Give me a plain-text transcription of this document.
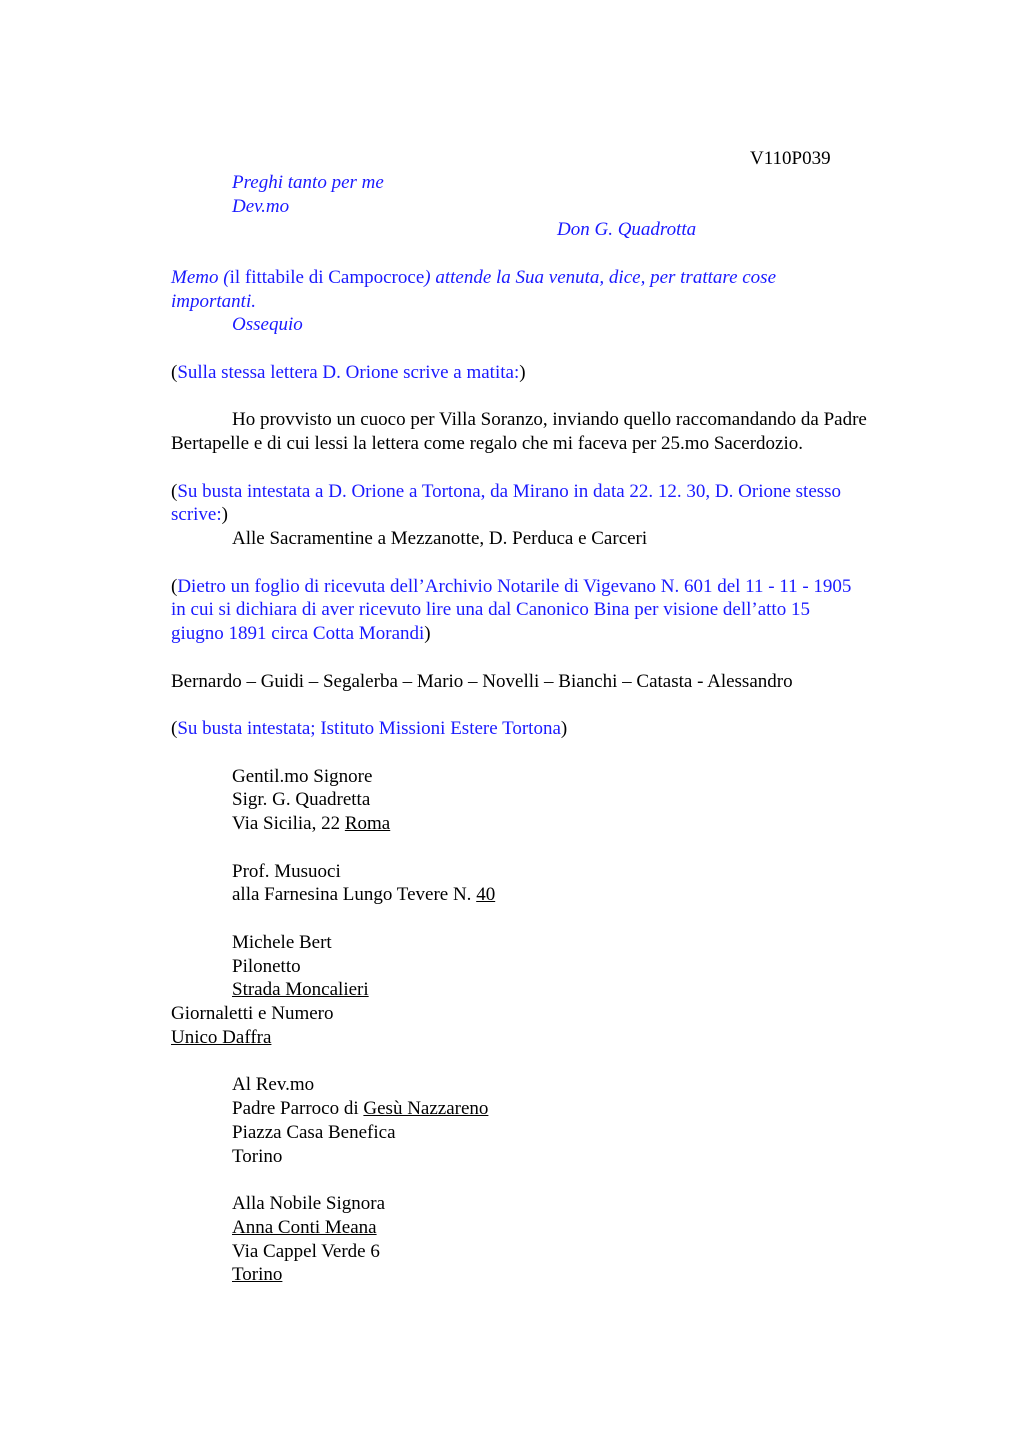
V110P039
Preghi tanto per me
Dev.mo
Don G. Quadrotta
Memo (il fittabile di Campocroce) attende la Sua venuta, dice, per trattare cose
importanti.
Ossequio
(Sulla stessa lettera D. Orione scrive a matita:)
Ho provvisto un cuoco per Villa Soranzo, inviando quello raccomandando da Padre
Bertapelle e di cui lessi la lettera come regalo che mi faceva per 25.mo Sacerdozio.
(Su busta intestata a D. Orione a Tortona, da Mirano in data 22. 12. 30, D. Orione stesso
scrive:)
Alle Sacramentine a Mezzanotte, D. Perduca e Carceri
(Dietro un foglio di ricevuta dell’Archivio Notarile di Vigevano N. 601 del 11 - 11 - 1905
in cui si dichiara di aver ricevuto lire una dal Canonico Bina per visione dell’atto 15
giugno 1891 circa Cotta Morandi)
Bernardo – Guidi – Segalerba – Mario – Novelli – Bianchi – Catasta - Alessandro
(Su busta intestata; Istituto Missioni Estere Tortona)
Gentil.mo Signore
Sigr. G. Quadretta
Via Sicilia, 22 Roma
Prof. Musuoci
alla Farnesina Lungo Tevere N. 40
Michele Bert
Pilonetto
Strada Moncalieri
Giornaletti e Numero
Unico Daffra
Al Rev.mo
Padre Parroco di Gesù Nazzareno
Piazza Casa Benefica
Torino
Alla Nobile Signora
Anna Conti Meana
Via Cappel Verde 6
Torino
